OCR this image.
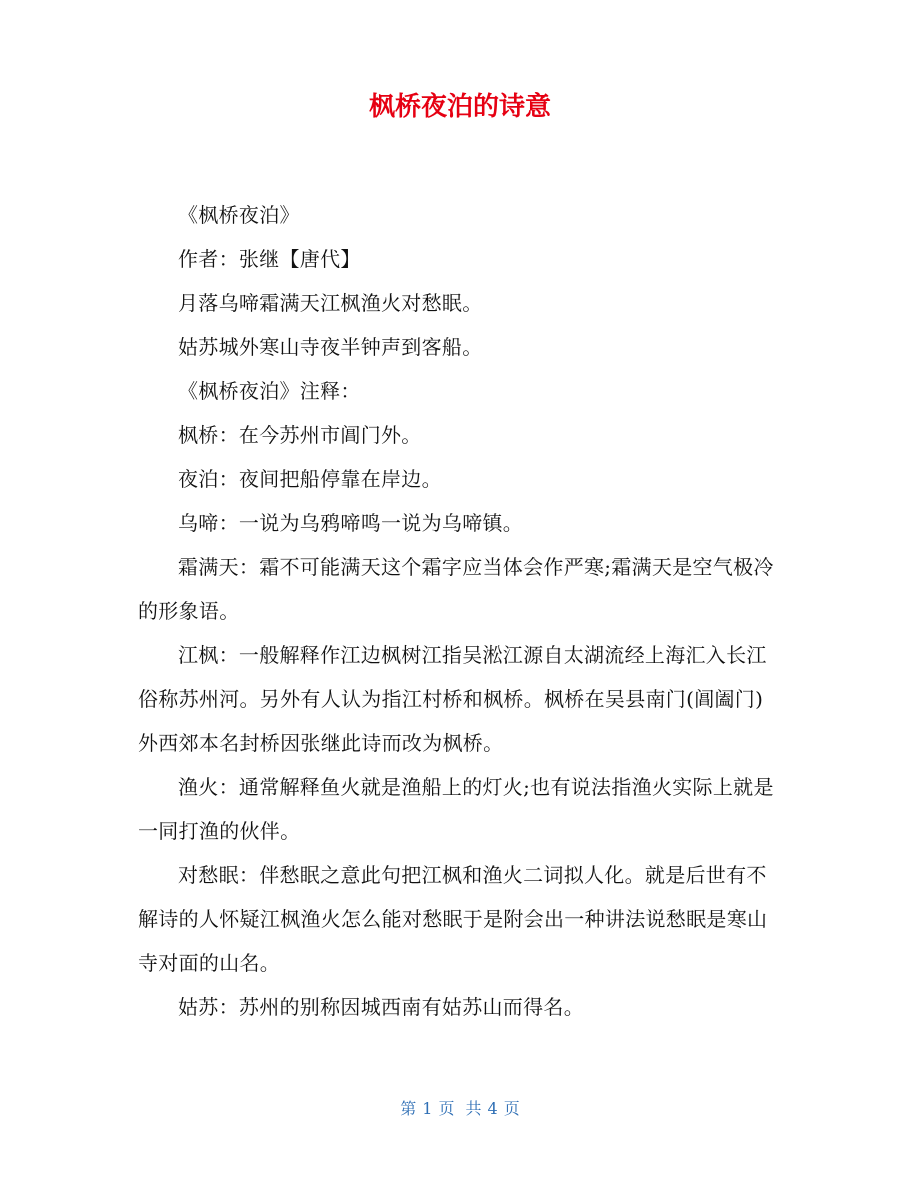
枫桥夜泊的诗意

《枫桥夜泊》

作者：张继【唐代】

月落乌啼霜满天江枫渔火对愁眠。

姑苏城外寒山寺夜半钟声到客船。

《枫桥夜泊》注释：

枫桥：在今苏州市阊门外。

夜泊：夜间把船停靠在岸边。

乌啼：一说为乌鸦啼鸣一说为乌啼镇。

霜满天：霜不可能满天这个霜字应当体会作严寒;霜满天是空气极冷的形象语。

江枫：一般解释作江边枫树江指吴淞江源自太湖流经上海汇入长江俗称苏州河。另外有人认为指江村桥和枫桥。枫桥在吴县南门(阊阖门)外西郊本名封桥因张继此诗而改为枫桥。

渔火：通常解释鱼火就是渔船上的灯火;也有说法指渔火实际上就是一同打渔的伙伴。

对愁眠：伴愁眠之意此句把江枫和渔火二词拟人化。就是后世有不解诗的人怀疑江枫渔火怎么能对愁眠于是附会出一种讲法说愁眠是寒山寺对面的山名。

姑苏：苏州的别称因城西南有姑苏山而得名。

第 1 页 共 4 页
